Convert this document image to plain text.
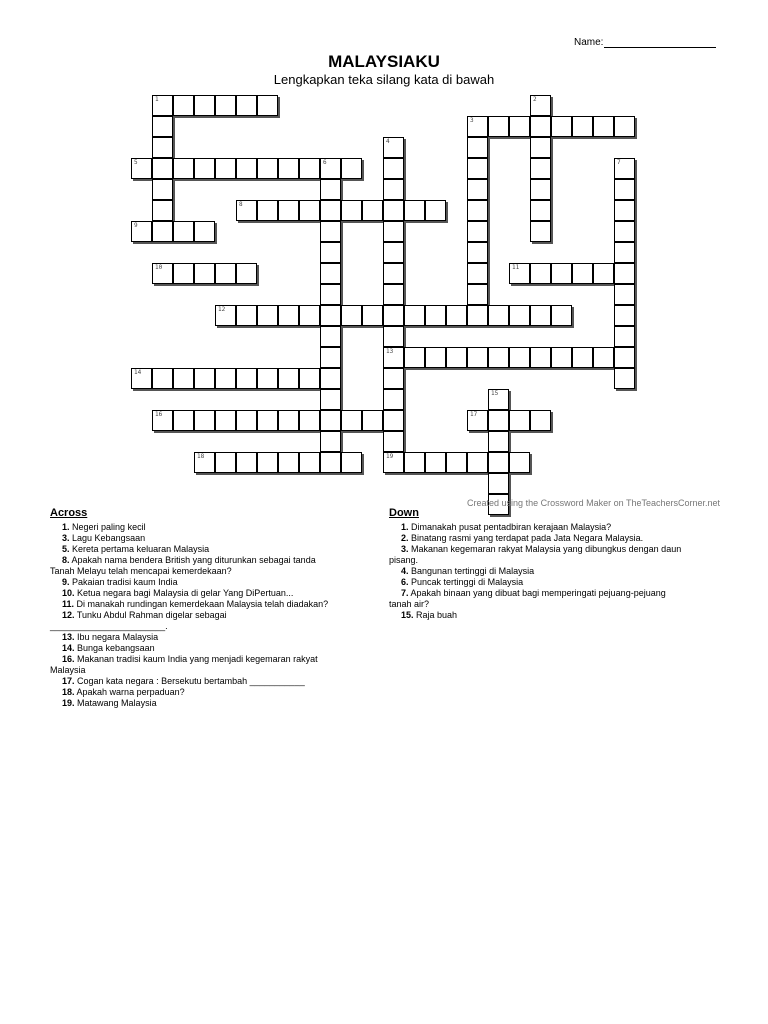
Name:
MALAYSIAKU
Lengkapkan teka silang kata di bawah
1	2
3
4
13
5	6	7
8
9
10	11
12
14
15
16	17
18	19
Created using the Crossword Maker on TheTeachersCorner.net
Across
1. Negeri paling kecil
3. Lagu Kebangsaan
5. Kereta pertama keluaran Malaysia
8. Apakah nama bendera British yang diturunkan sebagai tanda
Tanah Melayu telah mencapai kemerdekaan?
9. Pakaian tradisi kaum India
10. Ketua negara bagi Malaysia di gelar Yang DiPertuan...
11. Di manakah rundingan kemerdekaan Malaysia telah diadakan?
12. Tunku Abdul Rahman digelar sebagai
_______________________.
13. Ibu negara Malaysia
14. Bunga kebangsaan
16. Makanan tradisi kaum India yang menjadi kegemaran rakyat
Malaysia
17. Cogan kata negara : Bersekutu bertambah ___________
18. Apakah warna perpaduan?
19. Matawang Malaysia
Down
1. Dimanakah pusat pentadbiran kerajaan Malaysia?
2. Binatang rasmi yang terdapat pada Jata Negara Malaysia.
3. Makanan kegemaran rakyat Malaysia yang dibungkus dengan daun
pisang.
4. Bangunan tertinggi di Malaysia
6. Puncak tertinggi di Malaysia
7. Apakah binaan yang dibuat bagi memperingati pejuang-pejuang
tanah air?
15. Raja buah
